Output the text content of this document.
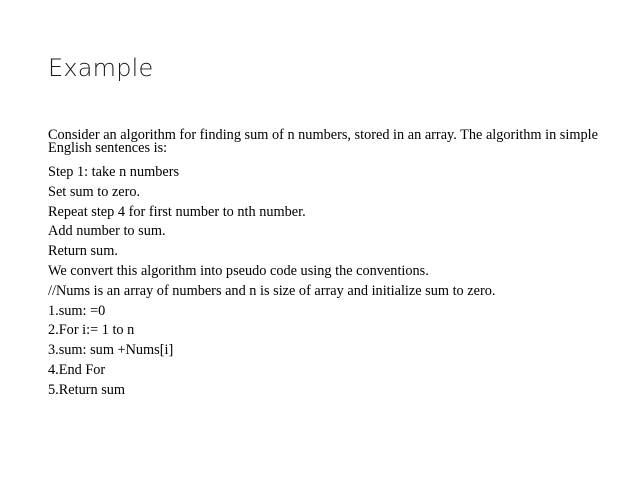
Example

Consider an algorithm for finding sum of n numbers, stored in an array. The algorithm in simple English sentences is:

Step 1: take n numbers

Set sum to zero.

Repeat step 4 for first number to nth number.

Add number to sum.

Return sum.

We convert this algorithm into pseudo code using the conventions.

//Nums is an array of numbers and n is size of array and initialize sum to zero.

1.sum: =0

2.For i:= 1 to n

3.sum: sum +Nums[i]

4.End For

5.Return sum
